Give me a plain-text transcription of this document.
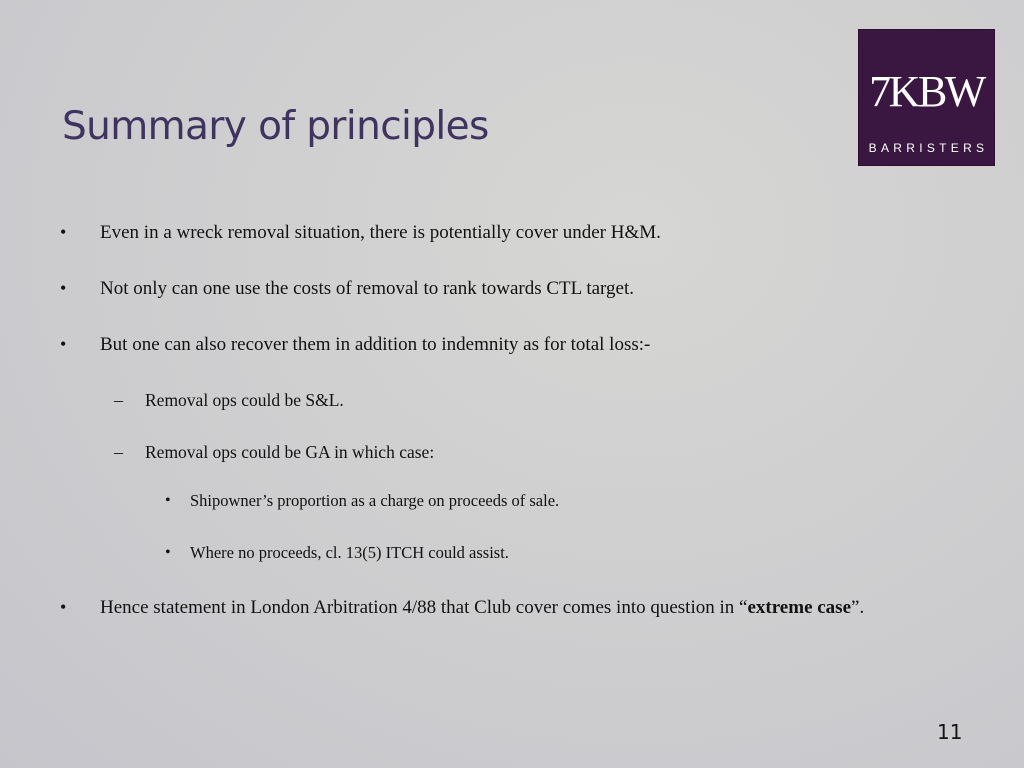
Summary of principles
7KBW
BARRISTERS
• Even in a wreck removal situation, there is potentially cover under H&M.
• Not only can one use the costs of removal to rank towards CTL target.
• But one can also recover them in addition to indemnity as for total loss:-
– Removal ops could be S&L.
– Removal ops could be GA in which case:
• Shipowner’s proportion as a charge on proceeds of sale.
• Where no proceeds, cl. 13(5) ITCH could assist.
• Hence statement in London Arbitration 4/88 that Club cover comes into question in “extreme case”.
11
